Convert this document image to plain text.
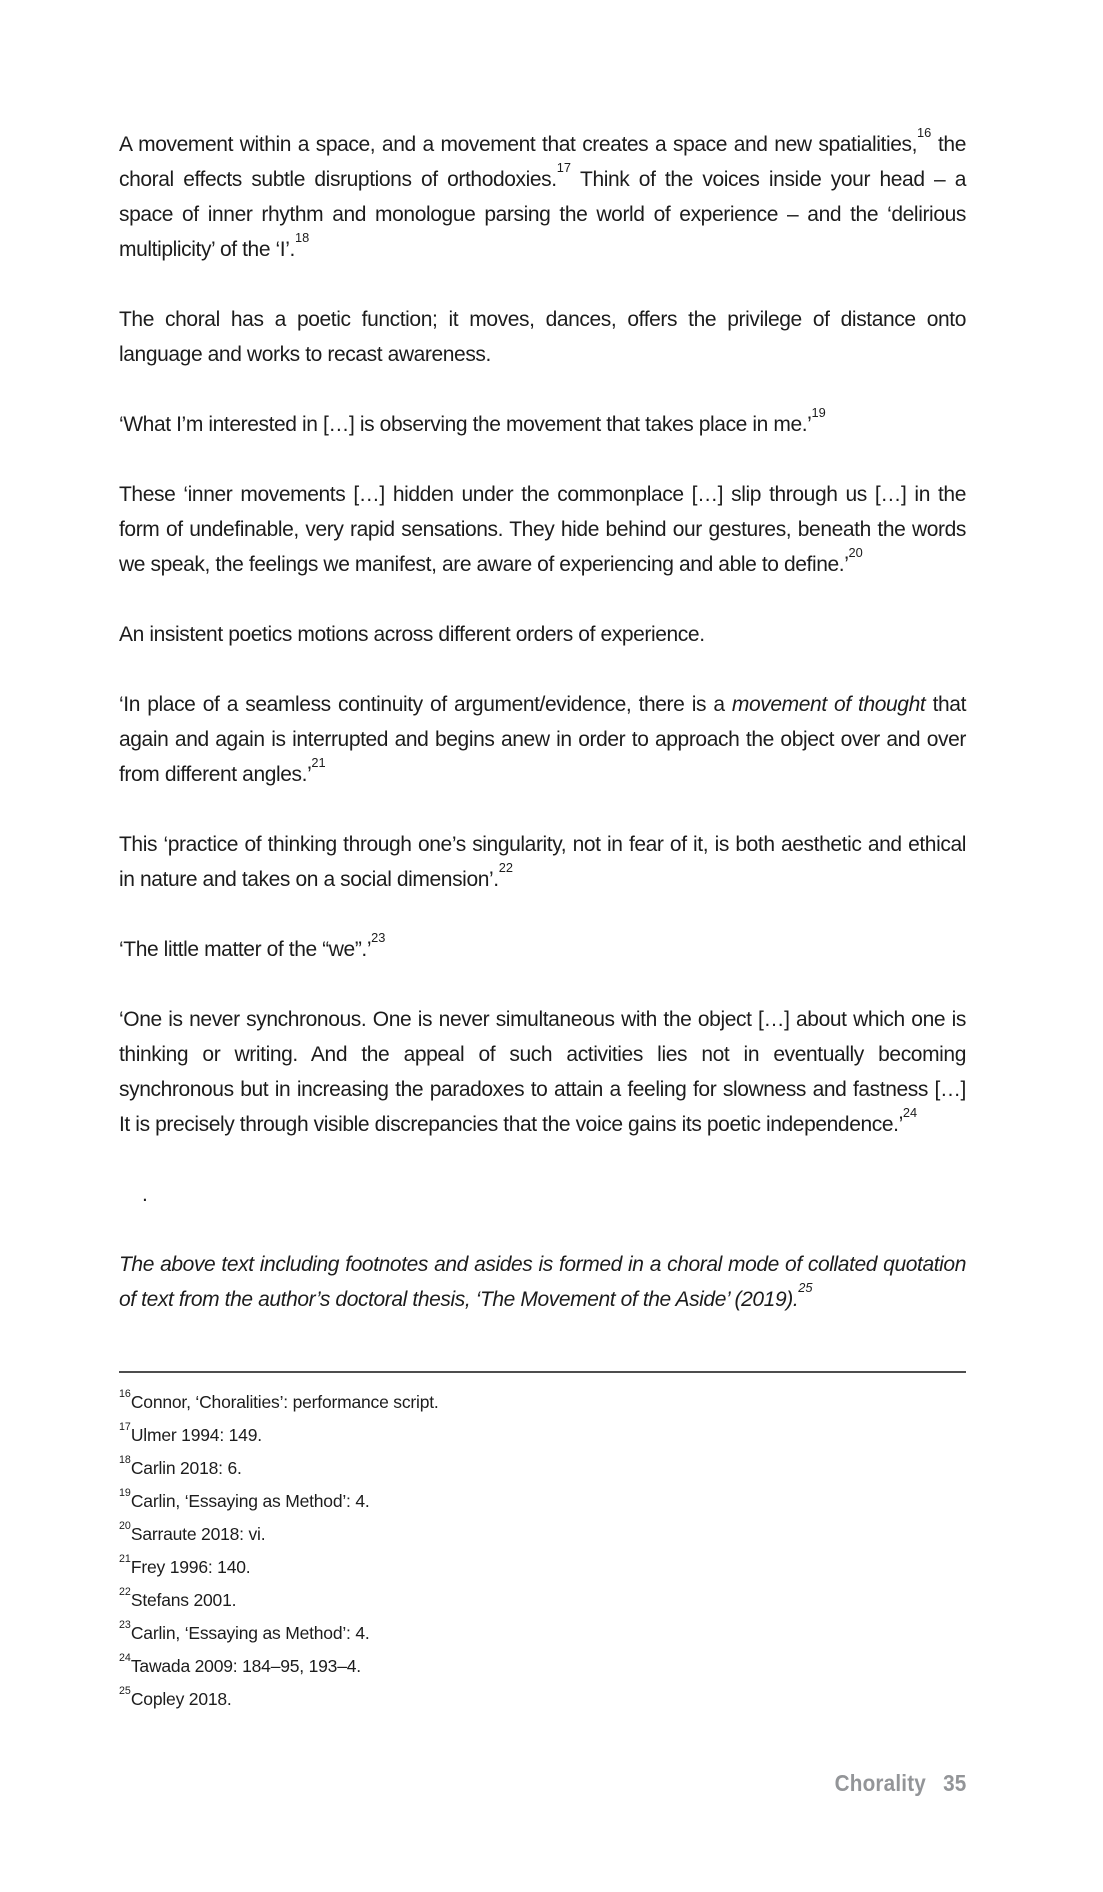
A movement within a space, and a movement that creates a space and new spatialities,$^{16}$ the choral effects subtle disruptions of orthodoxies.$^{17}$ Think of the voices inside your head – a space of inner rhythm and monologue parsing the world of experience – and the ‘delirious multiplicity’ of the ‘I’.$^{18}$

The choral has a poetic function; it moves, dances, offers the privilege of distance onto language and works to recast awareness.

‘What I’m interested in […] is observing the movement that takes place in me.’$^{19}$

These ‘inner movements […] hidden under the commonplace […] slip through us […] in the form of undefinable, very rapid sensations. They hide behind our gestures, beneath the words we speak, the feelings we manifest, are aware of experiencing and able to define.’$^{20}$

An insistent poetics motions across different orders of experience.

‘In place of a seamless continuity of argument/evidence, there is a movement of thought that again and again is interrupted and begins anew in order to approach the object over and over from different angles.’$^{21}$

This ‘practice of thinking through one’s singularity, not in fear of it, is both aesthetic and ethical in nature and takes on a social dimension’.$^{22}$

‘The little matter of the “we”.’$^{23}$

‘One is never synchronous. One is never simultaneous with the object […] about which one is thinking or writing. And the appeal of such activities lies not in eventually becoming synchronous but in increasing the paradoxes to attain a feeling for slowness and fastness […] It is precisely through visible discrepancies that the voice gains its poetic independence.’$^{24}$

.

The above text including footnotes and asides is formed in a choral mode of collated quotation of text from the author’s doctoral thesis, ‘The Movement of the Aside’ (2019).$^{25}$

$^{16}$Connor, ‘Choralities’: performance script.

$^{17}$Ulmer 1994: 149.

$^{18}$Carlin 2018: 6.

$^{19}$Carlin, ‘Essaying as Method’: 4.

$^{20}$Sarraute 2018: vi.

$^{21}$Frey 1996: 140.

$^{22}$Stefans 2001.

$^{23}$Carlin, ‘Essaying as Method’: 4.

$^{24}$Tawada 2009: 184–95, 193–4.

$^{25}$Copley 2018.

Chorality 35
